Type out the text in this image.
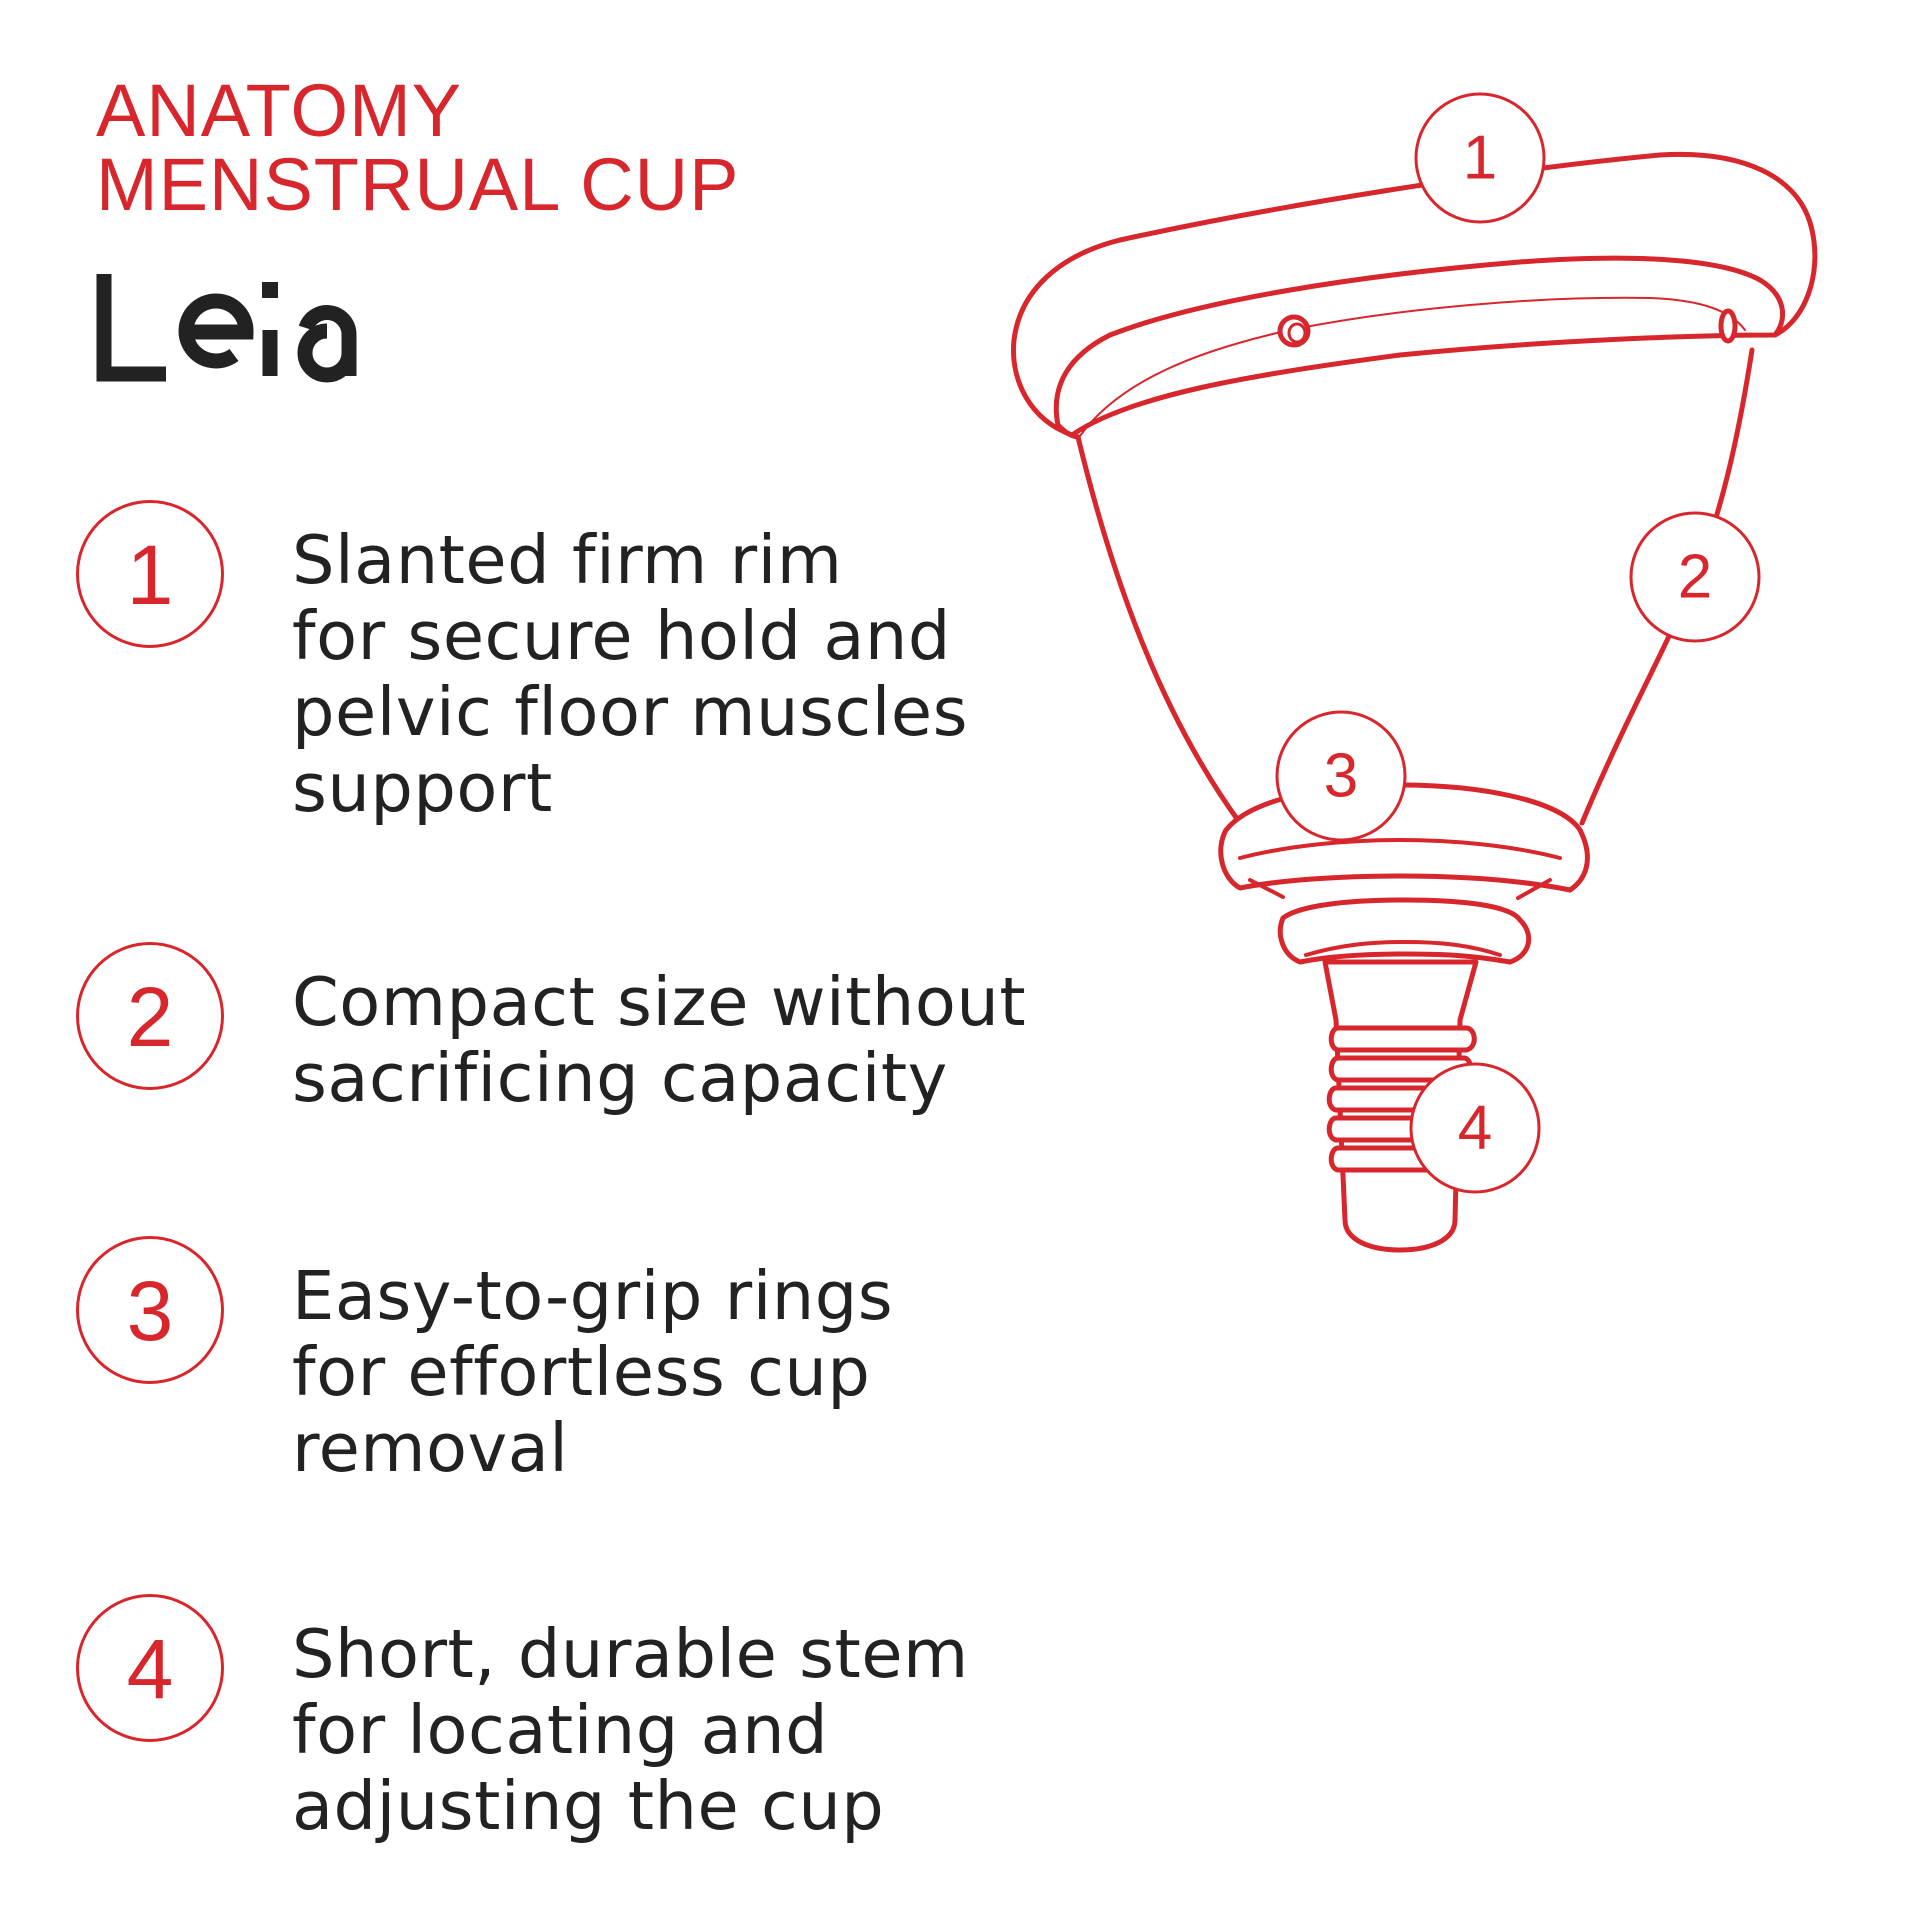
ANATOMY
MENSTRUAL CUP
1	Slanted firm rim
for secure hold and
pelvic floor muscles
support
2	Compact size without
sacrificing capacity
3	Easy-to-grip rings
for effortless cup
removal
4	Short, durable stem
for locating and
adjusting the cup
1
2
3
4
